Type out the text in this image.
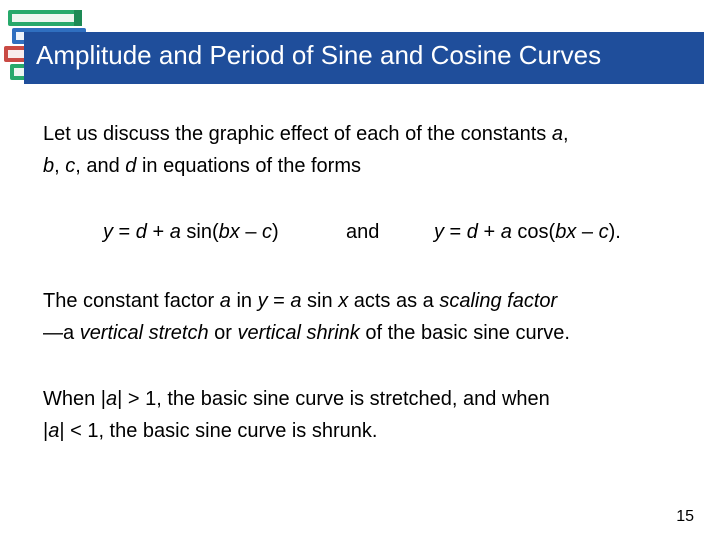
Amplitude and Period of Sine and Cosine Curves

Let us discuss the graphic effect of each of the constants a,
b, c, and d in equations of the forms

y = d + a sin(bx – c)	and	y = d + a cos(bx – c).

The constant factor a in y = a sin x acts as a scaling factor
—a vertical stretch or vertical shrink of the basic sine curve.

When |a| > 1, the basic sine curve is stretched, and when
|a| < 1, the basic sine curve is shrunk.

15
